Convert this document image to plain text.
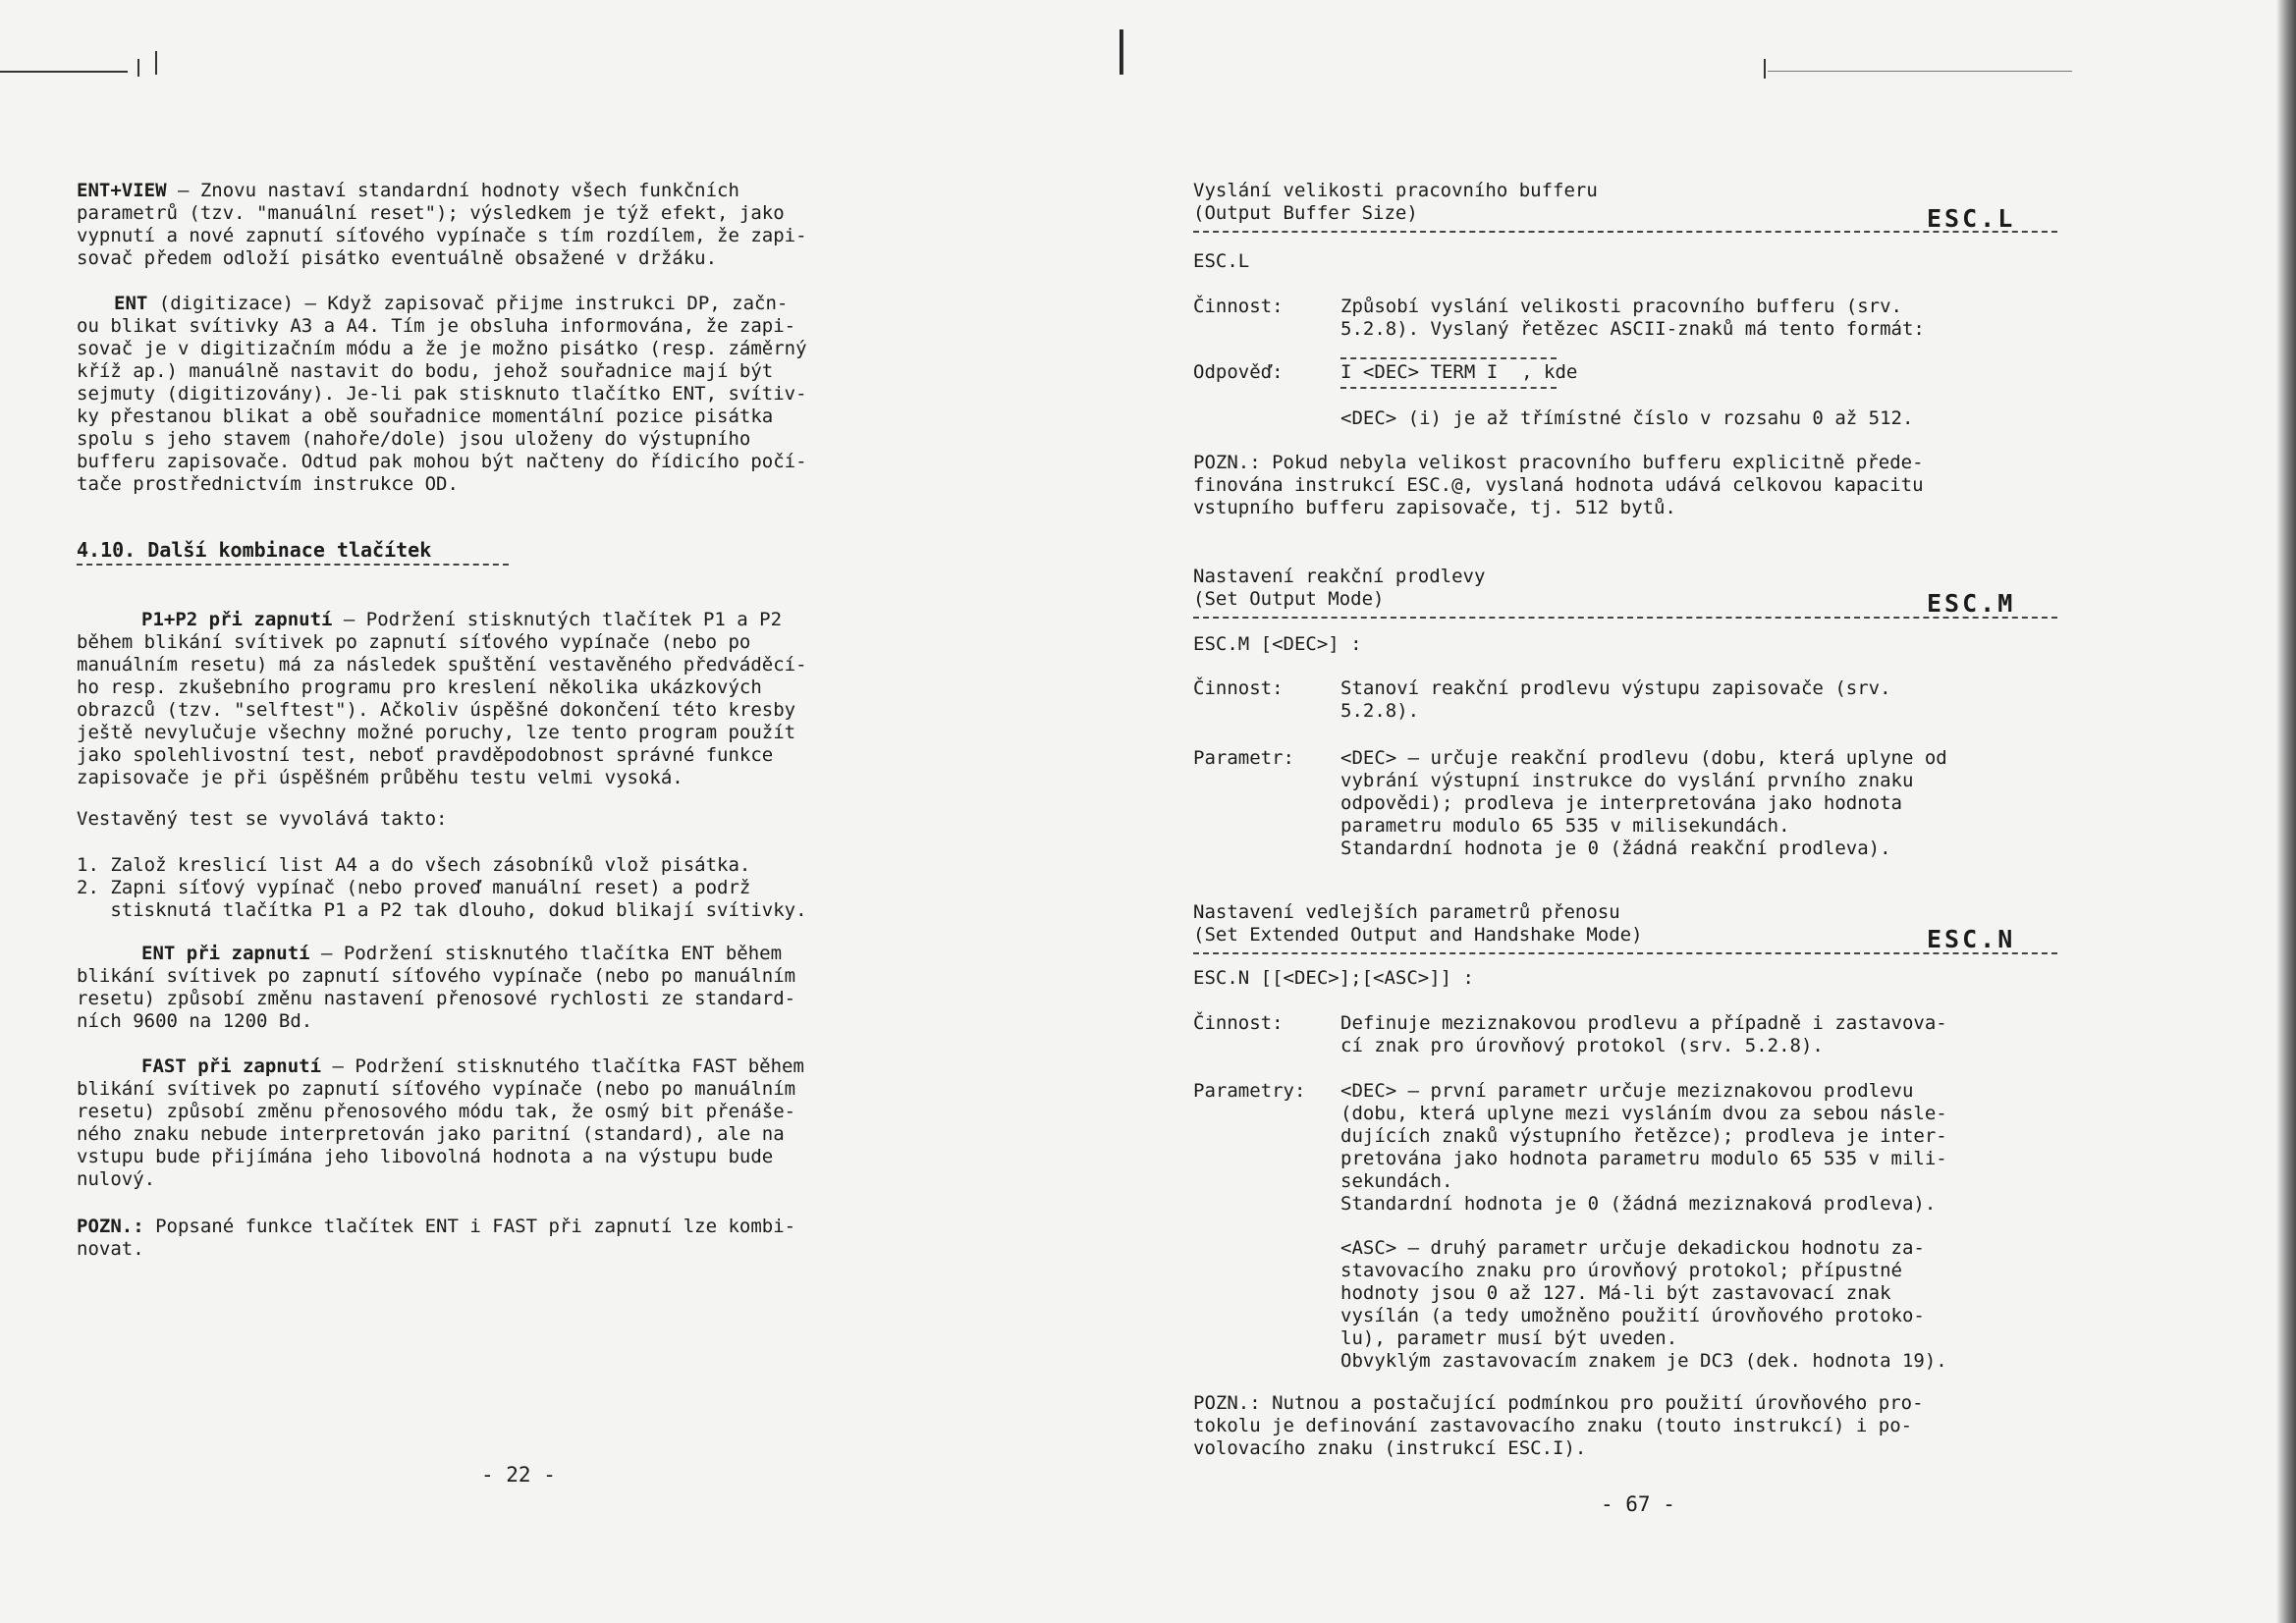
ENT+VIEW – Znovu nastaví standardní hodnoty všech funkčních
parametrů (tzv. "manuální reset"); výsledkem je týž efekt, jako
vypnutí a nové zapnutí síťového vypínače s tím rozdílem, že zapi-
sovač předem odloží pisátko eventuálně obsažené v držáku.
ENT (digitizace) – Když zapisovač přijme instrukci DP, začn-
ou blikat svítivky A3 a A4. Tím je obsluha informována, že zapi-
sovač je v digitizačním módu a že je možno pisátko (resp. záměrný
kříž ap.) manuálně nastavit do bodu, jehož souřadnice mají být
sejmuty (digitizovány). Je-li pak stisknuto tlačítko ENT, svítiv-
ky přestanou blikat a obě souřadnice momentální pozice pisátka
spolu s jeho stavem (nahoře/dole) jsou uloženy do výstupního
bufferu zapisovače. Odtud pak mohou být načteny do řídicího počí-
tače prostřednictvím instrukce OD.
4.10. Další kombinace tlačítek
P1+P2 při zapnutí – Podržení stisknutých tlačítek P1 a P2
během blikání svítivek po zapnutí síťového vypínače (nebo po
manuálním resetu) má za následek spuštění vestavěného předváděcí-
ho resp. zkušebního programu pro kreslení několika ukázkových
obrazců (tzv. "selftest"). Ačkoliv úspěšné dokončení této kresby
ještě nevylučuje všechny možné poruchy, lze tento program použít
jako spolehlivostní test, neboť pravděpodobnost správné funkce
zapisovače je při úspěšném průběhu testu velmi vysoká.
Vestavěný test se vyvolává takto:
1. Založ kreslicí list A4 a do všech zásobníků vlož pisátka.
2. Zapni síťový vypínač (nebo proveď manuální reset) a podrž
stisknutá tlačítka P1 a P2 tak dlouho, dokud blikají svítivky.
ENT při zapnutí – Podržení stisknutého tlačítka ENT během
blikání svítivek po zapnutí síťového vypínače (nebo po manuálním
resetu) způsobí změnu nastavení přenosové rychlosti ze standard-
ních 9600 na 1200 Bd.
FAST při zapnutí – Podržení stisknutého tlačítka FAST během
blikání svítivek po zapnutí síťového vypínače (nebo po manuálním
resetu) způsobí změnu přenosového módu tak, že osmý bit přenáše-
ného znaku nebude interpretován jako paritní (standard), ale na
vstupu bude přijímána jeho libovolná hodnota a na výstupu bude
nulový.
POZN.: Popsané funkce tlačítek ENT i FAST při zapnutí lze kombi-
novat.
- 22 -
Vyslání velikosti pracovního bufferu
(Output Buffer Size)	ESC.L
ESC.L
Činnost:	Způsobí vyslání velikosti pracovního bufferu (srv.
5.2.8). Vyslaný řetězec ASCII-znaků má tento formát:
Odpověď:	I <DEC> TERM I , kde
<DEC> (i) je až třímístné číslo v rozsahu 0 až 512.
POZN.: Pokud nebyla velikost pracovního bufferu explicitně přede-
finována instrukcí ESC.@, vyslaná hodnota udává celkovou kapacitu
vstupního bufferu zapisovače, tj. 512 bytů.
Nastavení reakční prodlevy
(Set Output Mode)	ESC.M
ESC.M [<DEC>] :
Činnost:	Stanoví reakční prodlevu výstupu zapisovače (srv.
5.2.8).
Parametr: <DEC> – určuje reakční prodlevu (dobu, která uplyne od
vybrání výstupní instrukce do vyslání prvního znaku
odpovědi); prodleva je interpretována jako hodnota
parametru modulo 65 535 v milisekundách.
Standardní hodnota je 0 (žádná reakční prodleva).
Nastavení vedlejších parametrů přenosu
(Set Extended Output and Handshake Mode)	ESC.N
ESC.N [[<DEC>];[<ASC>]] :
Činnost:	Definuje meziznakovou prodlevu a případně i zastavova-
cí znak pro úrovňový protokol (srv. 5.2.8).
Parametry: <DEC> – první parametr určuje meziznakovou prodlevu
(dobu, která uplyne mezi vysláním dvou za sebou násle-
dujících znaků výstupního řetězce); prodleva je inter-
pretována jako hodnota parametru modulo 65 535 v mili-
sekundách.
Standardní hodnota je 0 (žádná meziznaková prodleva).
<ASC> – druhý parametr určuje dekadickou hodnotu za-
stavovacího znaku pro úrovňový protokol; přípustné
hodnoty jsou 0 až 127. Má-li být zastavovací znak
vysílán (a tedy umožněno použití úrovňového protoko-
lu), parametr musí být uveden.
Obvyklým zastavovacím znakem je DC3 (dek. hodnota 19).
POZN.: Nutnou a postačující podmínkou pro použití úrovňového pro-
tokolu je definování zastavovacího znaku (touto instrukcí) i po-
volovacího znaku (instrukcí ESC.I).
- 67 -
